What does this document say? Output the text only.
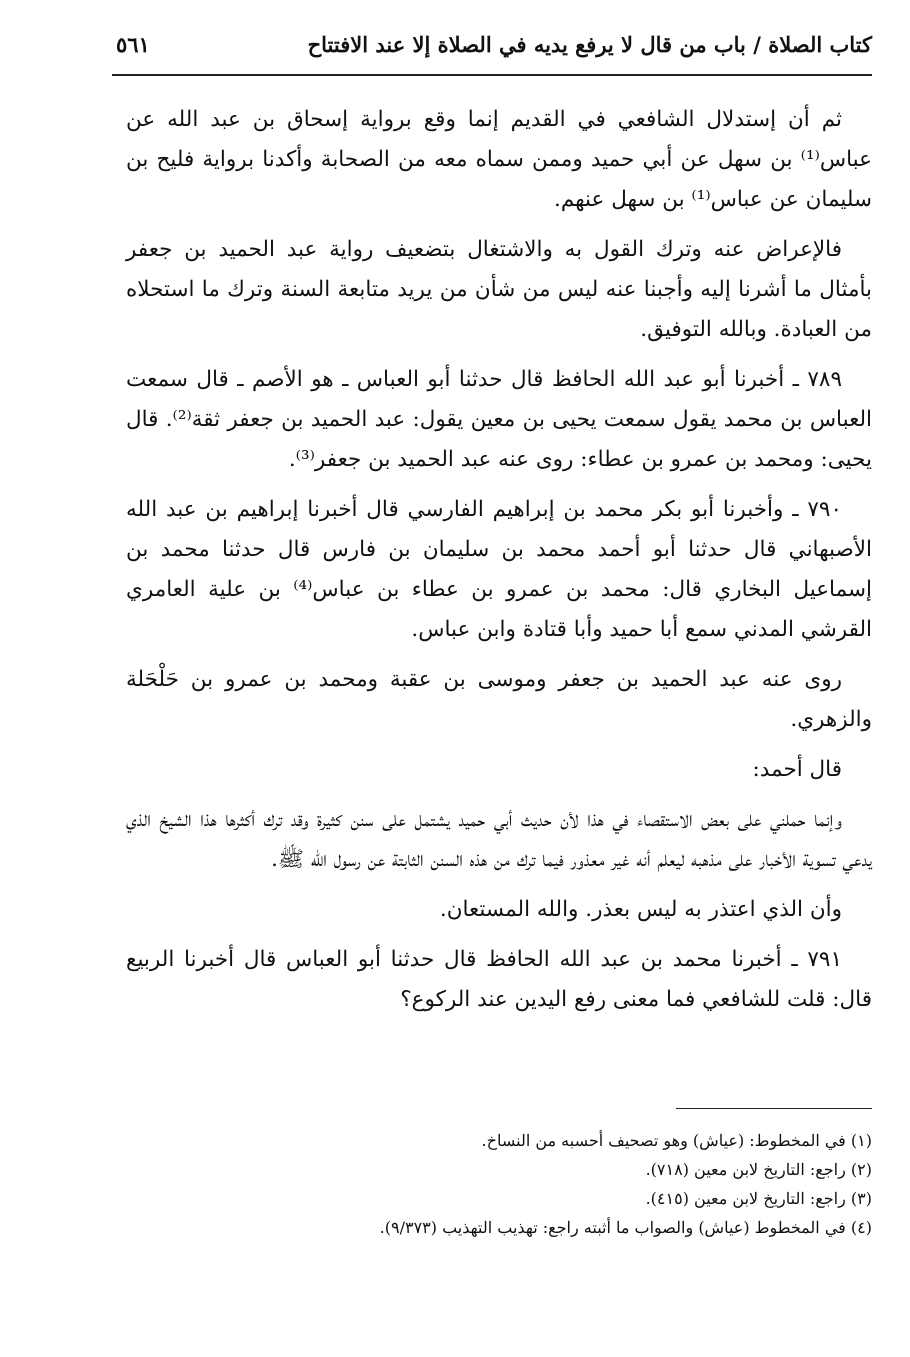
كتاب الصلاة / باب من قال لا يرفع يديه في الصلاة إلا عند الافتتاح
٥٦١

ثم أن إستدلال الشافعي في القديم إنما وقع برواية إسحاق بن عبد الله عن عباس⁽¹⁾ بن سهل عن أبي حميد وممن سماه معه من الصحابة وأكدنا برواية فليح بن سليمان عن عباس⁽¹⁾ بن سهل عنهم.

فالإعراض عنه وترك القول به والاشتغال بتضعيف رواية عبد الحميد بن جعفر بأمثال ما أشرنا إليه وأجبنا عنه ليس من شأن من يريد متابعة السنة وترك ما استحلاه من العبادة. وبالله التوفيق.

٧٨٩ ـ أخبرنا أبو عبد الله الحافظ قال حدثنا أبو العباس ـ هو الأصم ـ قال سمعت العباس بن محمد يقول سمعت يحيى بن معين يقول: عبد الحميد بن جعفر ثقة⁽²⁾. قال يحيى: ومحمد بن عمرو بن عطاء: روى عنه عبد الحميد بن جعفر⁽³⁾.

٧٩٠ ـ وأخبرنا أبو بكر محمد بن إبراهيم الفارسي قال أخبرنا إبراهيم بن عبد الله الأصبهاني قال حدثنا أبو أحمد محمد بن سليمان بن فارس قال حدثنا محمد بن إسماعيل البخاري قال: محمد بن عمرو بن عطاء بن عباس⁽⁴⁾ بن علية العامري القرشي المدني سمع أبا حميد وأبا قتادة وابن عباس.

روى عنه عبد الحميد بن جعفر وموسى بن عقبة ومحمد بن عمرو بن حَلْحَلة والزهري.

قال أحمد:

وإنما حملني على بعض الاستقصاء في هذا لأن حديث أبي حميد يشتمل على سنن كثيرة وقد ترك أكثرها هذا الشيخ الذي يدعي تسوية الأخبار على مذهبه ليعلم أنه غير معذور فيما ترك من هذه السنن الثابتة عن رسول الله ﷺ.

وأن الذي اعتذر به ليس بعذر. والله المستعان.

٧٩١ ـ أخبرنا محمد بن عبد الله الحافظ قال حدثنا أبو العباس قال أخبرنا الربيع قال: قلت للشافعي فما معنى رفع اليدين عند الركوع؟

(١) في المخطوط: (عياش) وهو تصحيف أحسبه من النساخ.
(٢) راجع: التاريخ لابن معين (٧١٨).
(٣) راجع: التاريخ لابن معين (٤١٥).
(٤) في المخطوط (عياش) والصواب ما أثبته راجع: تهذيب التهذيب (٩/٣٧٣).
